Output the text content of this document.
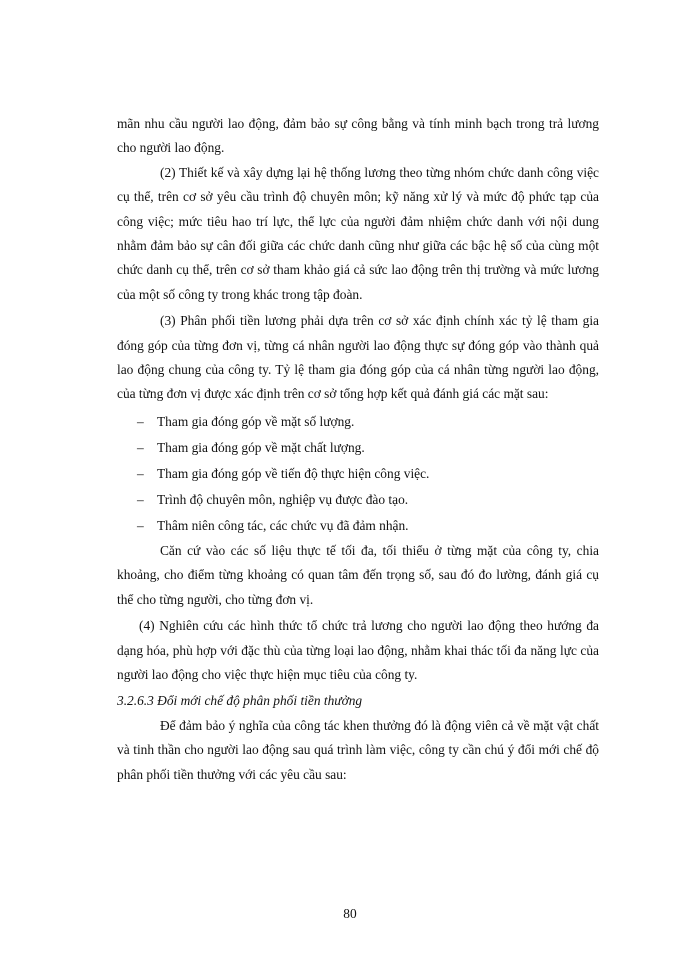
mãn nhu cầu người lao động, đảm bảo sự công bằng và tính minh bạch trong trả lương cho người lao động.

(2) Thiết kế và xây dựng lại hệ thống lương theo từng nhóm chức danh công việc cụ thể, trên cơ sở yêu cầu trình độ chuyên môn; kỹ năng xử lý và mức độ phức tạp của công việc; mức tiêu hao trí lực, thể lực của người đảm nhiệm chức danh với nội dung nhằm đảm bảo sự cân đối giữa các chức danh cũng như giữa các bậc hệ số của cùng một chức danh cụ thể, trên cơ sở tham khảo giá cả sức lao động trên thị trường và mức lương của một số công ty trong khác trong tập đoàn.

(3) Phân phối tiền lương phải dựa trên cơ sở xác định chính xác tỷ lệ tham gia đóng góp của từng đơn vị, từng cá nhân người lao động thực sự đóng góp vào thành quả lao động chung của công ty. Tỷ lệ tham gia đóng góp của cá nhân từng người lao động, của từng đơn vị được xác định trên cơ sở tổng hợp kết quả đánh giá các mặt sau:

– Tham gia đóng góp về mặt số lượng.
– Tham gia đóng góp về mặt chất lượng.
– Tham gia đóng góp về tiến độ thực hiện công việc.
– Trình độ chuyên môn, nghiệp vụ được đào tạo.
– Thâm niên công tác, các chức vụ đã đảm nhận.

Căn cứ vào các số liệu thực tế tối đa, tối thiểu ở từng mặt của công ty, chia khoảng, cho điểm từng khoảng có quan tâm đến trọng số, sau đó đo lường, đánh giá cụ thể cho từng người, cho từng đơn vị.

(4) Nghiên cứu các hình thức tổ chức trả lương cho người lao động theo hướng đa dạng hóa, phù hợp với đặc thù của từng loại lao động, nhằm khai thác tối đa năng lực của người lao động cho việc thực hiện mục tiêu của công ty.

3.2.6.3 Đổi mới chế độ phân phối tiền thưởng

Để đảm bảo ý nghĩa của công tác khen thưởng đó là động viên cả về mặt vật chất và tinh thần cho người lao động sau quá trình làm việc, công ty cần chú ý đổi mới chế độ phân phối tiền thưởng với các yêu cầu sau:

80
